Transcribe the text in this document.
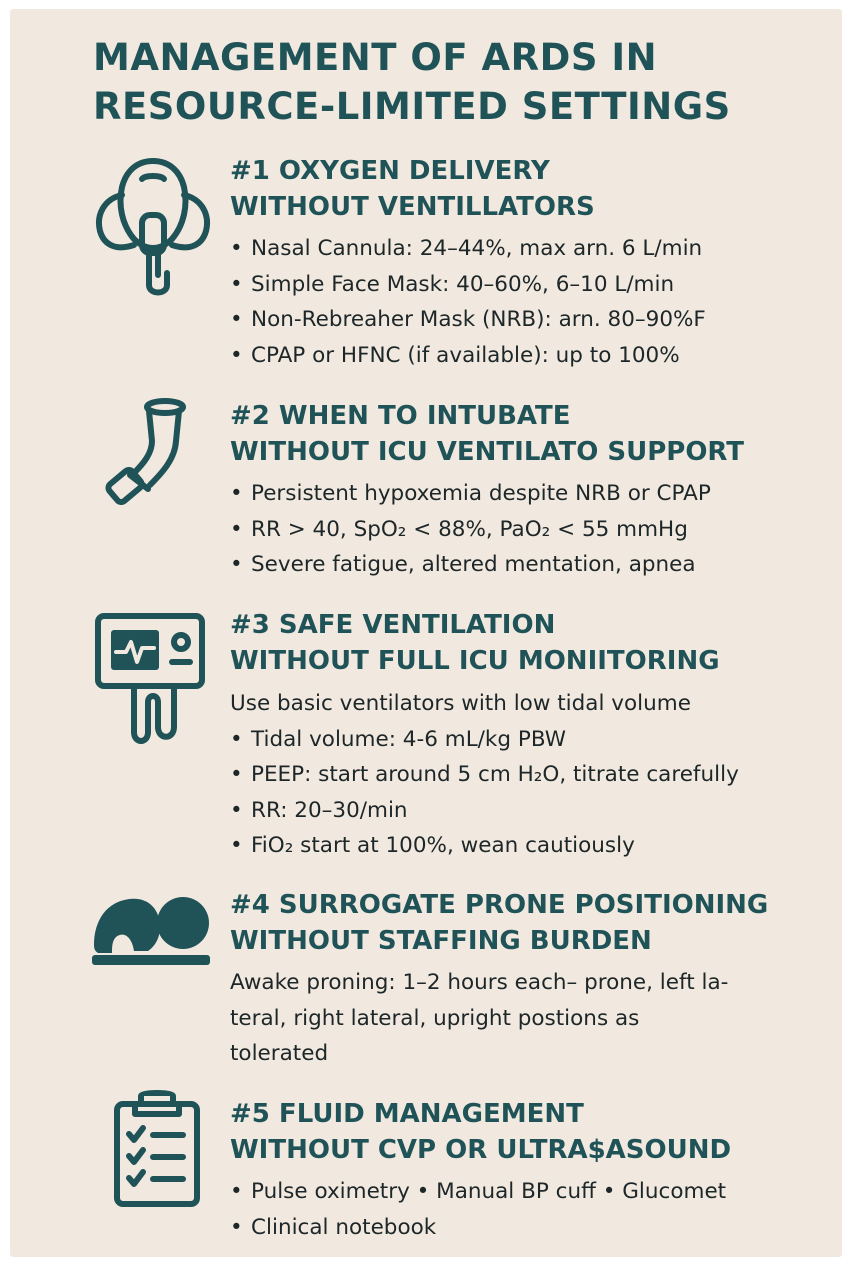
MANAGEMENT OF ARDS IN
RESOURCE-LIMITED SETTINGS
#1 OXYGEN DELIVERY
WITHOUT VENTILLATORS
• Nasal Cannula: 24–44%, max arn. 6 L/min
• Simple Face Mask: 40–60%, 6–10 L/min
• Non-Rebreaher Mask (NRB): arn. 80–90%F
• CPAP or HFNC (if available): up to 100%
#2 WHEN TO INTUBATE
WITHOUT ICU VENTILATO SUPPORT
• Persistent hypoxemia despite NRB or CPAP
• RR > 40, SpO₂ < 88%, PaO₂ < 55 mmHg
• Severe fatigue, altered mentation, apnea
#3 SAFE VENTILATION
WITHOUT FULL ICU MONIITORING
Use basic ventilators with low tidal volume
• Tidal volume: 4-6 mL/kg PBW
• PEEP: start around 5 cm H₂O, titrate carefully
• RR: 20–30/min
• FiO₂ start at 100%, wean cautiously
#4 SURROGATE PRONE POSITIONING
WITHOUT STAFFING BURDEN
Awake proning: 1–2 hours each– prone, left la-
teral, right lateral, upright postions as
tolerated
#5 FLUID MANAGEMENT
WITHOUT CVP OR ULTRA$ASOUND
• Pulse oximetry • Manual BP cuff • Glucomet
• Clinical notebook
